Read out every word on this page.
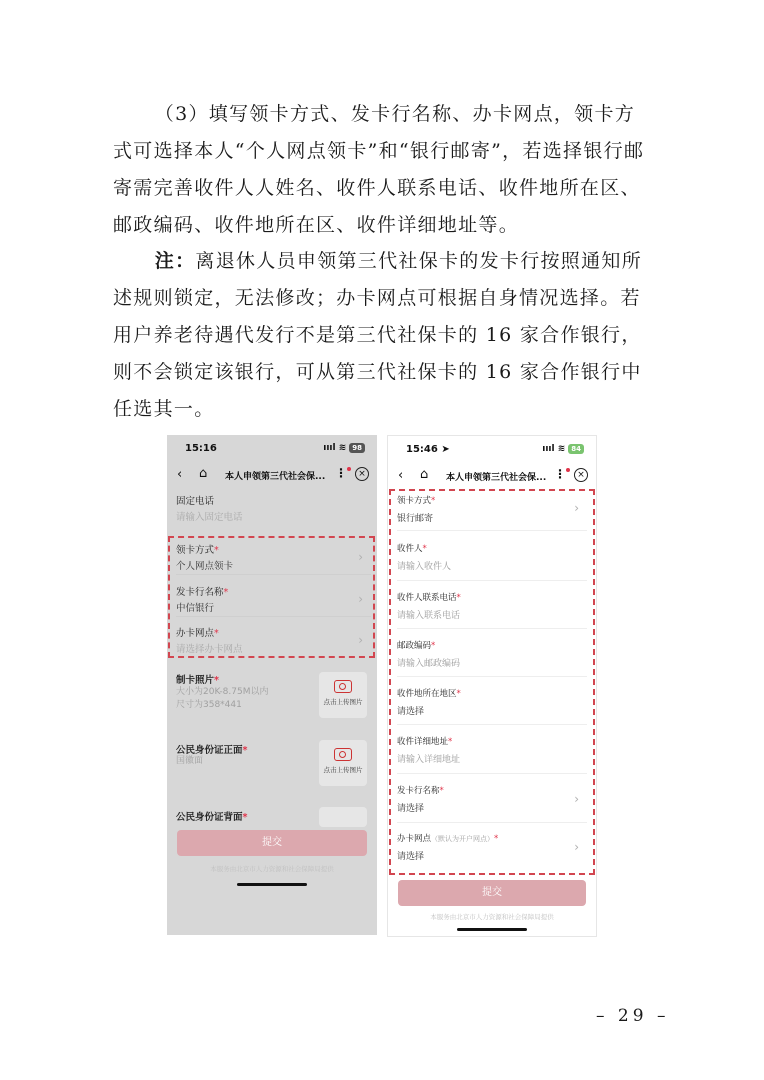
（3）填写领卡方式、发卡行名称、办卡网点，领卡方式可选择本人“个人网点领卡”和“银行邮寄”，若选择银行邮寄需完善收件人人姓名、收件人联系电话、收件地所在区、邮政编码、收件地所在区、收件详细地址等。

注：离退休人员申领第三代社保卡的发卡行按照通知所述规则锁定，无法修改；办卡网点可根据自身情况选择。若用户养老待遇代发行不是第三代社保卡的 16 家合作银行，则不会锁定该银行，可从第三代社保卡的 16 家合作银行中任选其一。

15:16	ıııl ≋ 98
‹ ⌂ 本人申领第三代社会保... ⋮	×
固定电话
请输入固定电话
领卡方式*
个人网点领卡
›
发卡行名称*
中信银行
›
办卡网点*
请选择办卡网点
›
制卡照片*
大小为20K-8.75M以内
尺寸为358*441	点击上传图片
公民身份证正面*
国徽面
点击上传图片
公民身份证背面*
提交
本服务由北京市人力资源和社会保障局提供
15:46 ➤	ıııl ≋ 84
‹ ⌂ 本人申领第三代社会保... ⋮	×
领卡方式*
银行邮寄
›
收件人*
请输入收件人
收件人联系电话*
请输入联系电话
邮政编码*
请输入邮政编码
收件地所在地区*
请选择
收件详细地址*
请输入详细地址
发卡行名称*
请选择
›
办卡网点（默认为开户网点）*
请选择
›
提交
本服务由北京市人力资源和社会保障局提供
– 29 –
